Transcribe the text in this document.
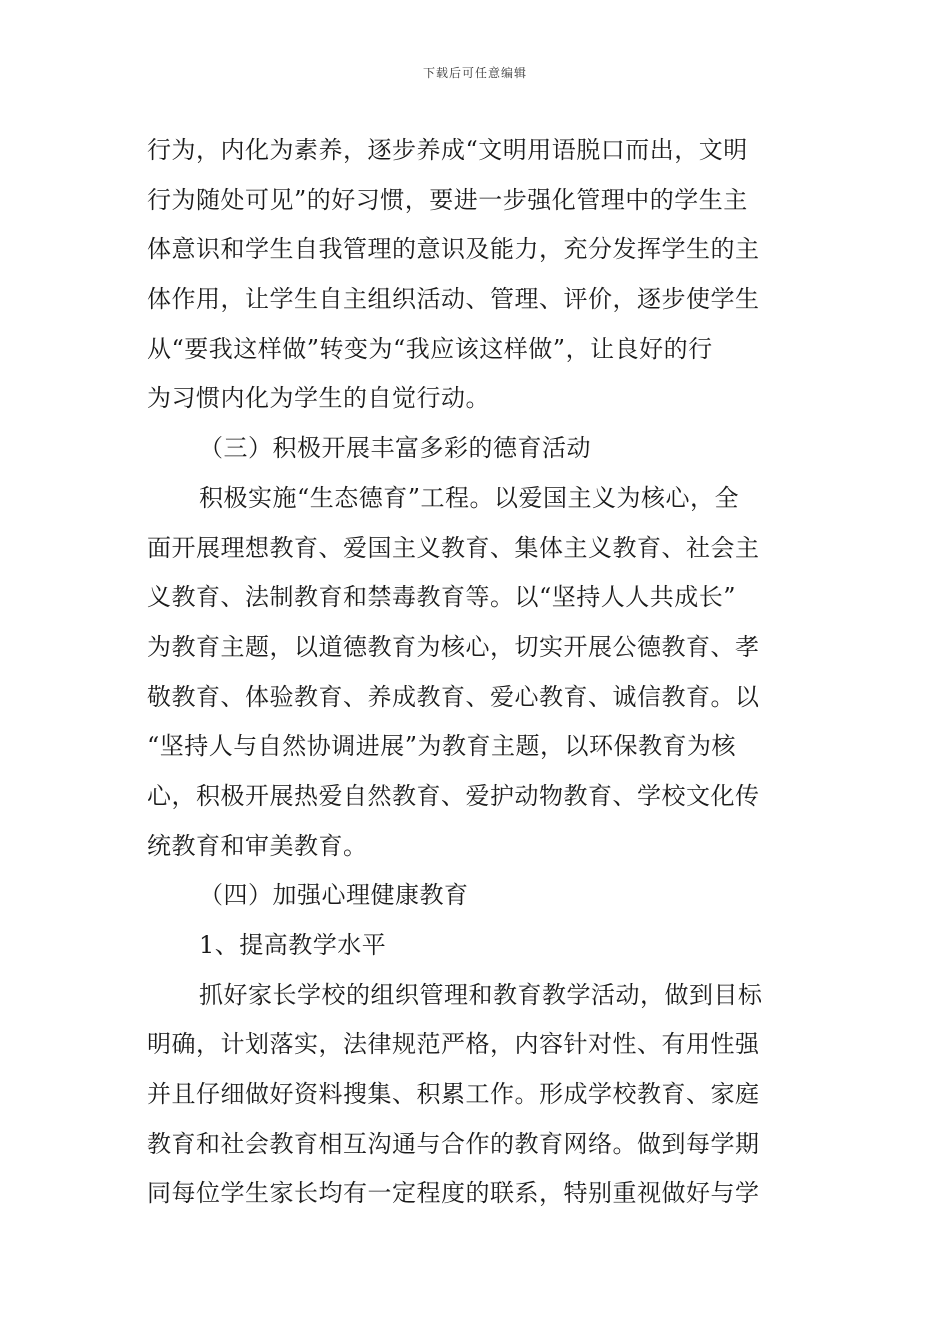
下载后可任意编辑
行为，内化为素养，逐步养成“文明用语脱口而出，文明
行为随处可见”的好习惯，要进一步强化管理中的学生主
体意识和学生自我管理的意识及能力，充分发挥学生的主
体作用，让学生自主组织活动、管理、评价，逐步使学生
从“要我这样做”转变为“我应该这样做”，让良好的行
为习惯内化为学生的自觉行动。
（三）积极开展丰富多彩的德育活动
积极实施“生态德育”工程。以爱国主义为核心，全
面开展理想教育、爱国主义教育、集体主义教育、社会主
义教育、法制教育和禁毒教育等。以“坚持人人共成长”
为教育主题，以道德教育为核心，切实开展公德教育、孝
敬教育、体验教育、养成教育、爱心教育、诚信教育。以
“坚持人与自然协调进展”为教育主题，以环保教育为核
心，积极开展热爱自然教育、爱护动物教育、学校文化传
统教育和审美教育。
（四）加强心理健康教育
1、提高教学水平
抓好家长学校的组织管理和教育教学活动，做到目标
明确，计划落实，法律规范严格，内容针对性、有用性强
并且仔细做好资料搜集、积累工作。形成学校教育、家庭
教育和社会教育相互沟通与合作的教育网络。做到每学期
同每位学生家长均有一定程度的联系，特别重视做好与学
